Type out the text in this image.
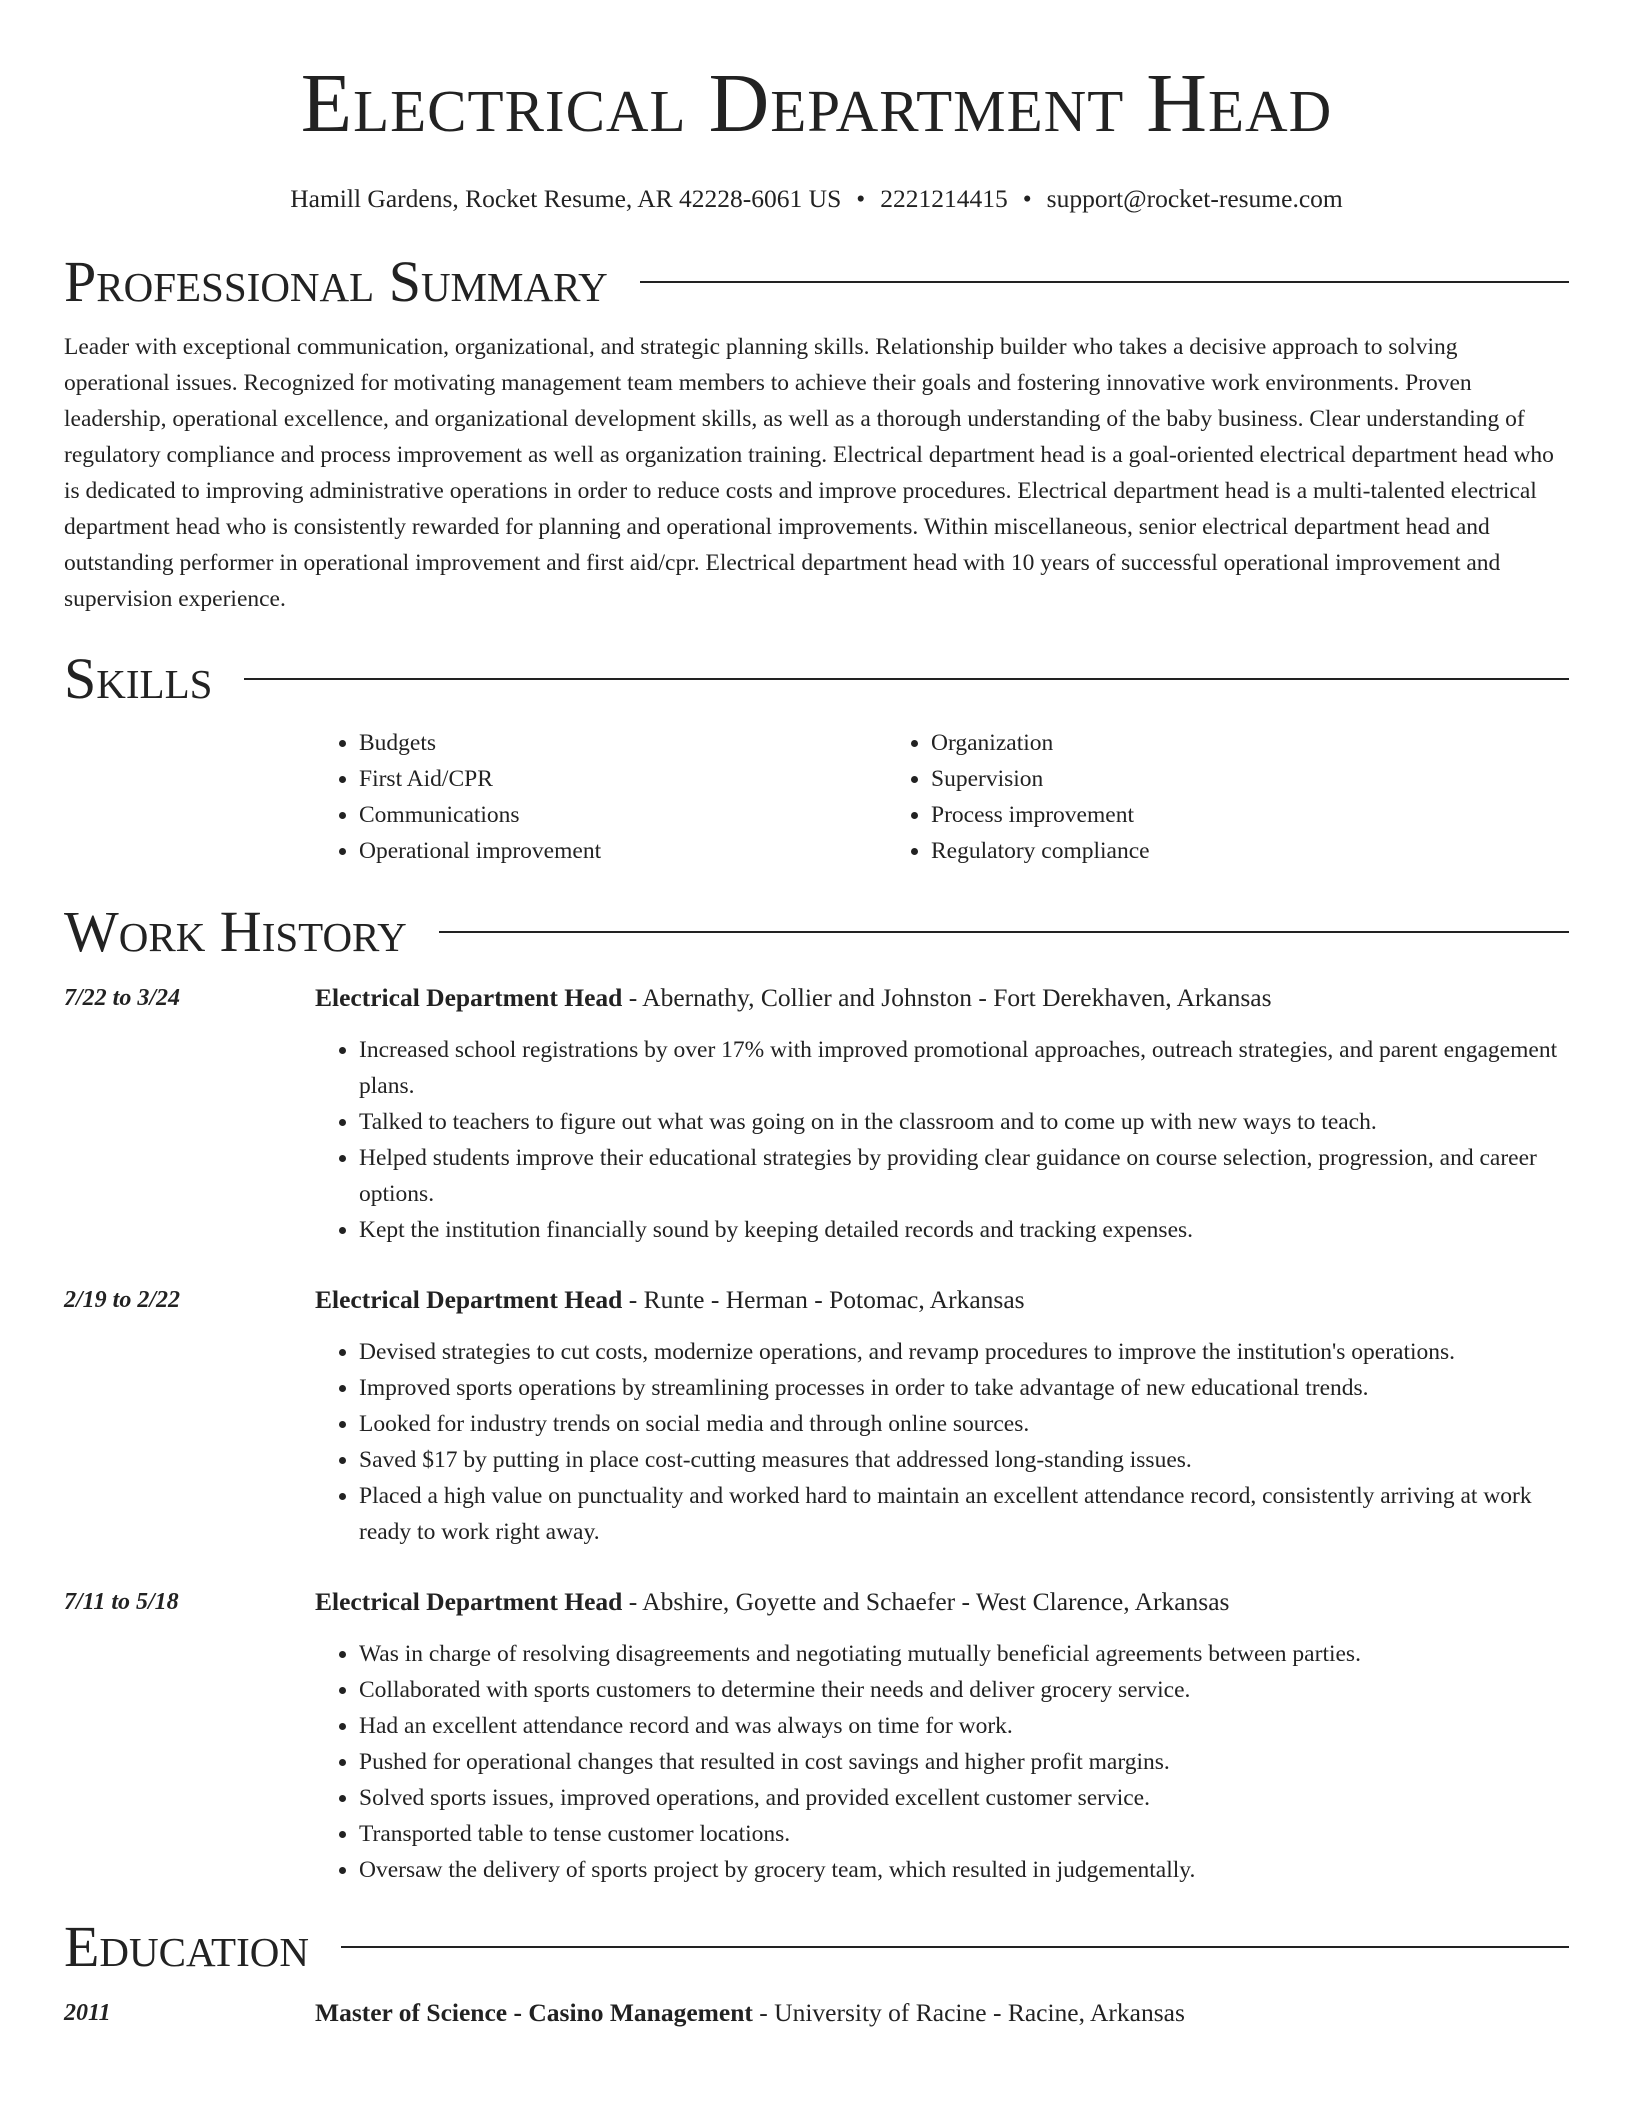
Electrical Department Head
Hamill Gardens, Rocket Resume, AR 42228-6061 US • 2221214415 • support@rocket-resume.com
Professional Summary

Leader with exceptional communication, organizational, and strategic planning skills. Relationship builder who takes a decisive approach to solving operational issues. Recognized for motivating management team members to achieve their goals and fostering innovative work environments. Proven leadership, operational excellence, and organizational development skills, as well as a thorough understanding of the baby business. Clear understanding of regulatory compliance and process improvement as well as organization training. Electrical department head is a goal-oriented electrical department head who is dedicated to improving administrative operations in order to reduce costs and improve procedures. Electrical department head is a multi-talented electrical department head who is consistently rewarded for planning and operational improvements. Within miscellaneous, senior electrical department head and outstanding performer in operational improvement and first aid/cpr. Electrical department head with 10 years of successful operational improvement and supervision experience.

Skills
• Budgets
• First Aid/CPR
• Communications
• Operational improvement
• Organization
• Supervision
• Process improvement
• Regulatory compliance
Work History
7/22 to 3/24	Electrical Department Head - Abernathy, Collier and Johnston - Fort Derekhaven, Arkansas
• Increased school registrations by over 17% with improved promotional approaches, outreach strategies, and parent engagement plans.
• Talked to teachers to figure out what was going on in the classroom and to come up with new ways to teach.
• Helped students improve their educational strategies by providing clear guidance on course selection, progression, and career options.
• Kept the institution financially sound by keeping detailed records and tracking expenses.
2/19 to 2/22	Electrical Department Head - Runte - Herman - Potomac, Arkansas
• Devised strategies to cut costs, modernize operations, and revamp procedures to improve the institution's operations.
• Improved sports operations by streamlining processes in order to take advantage of new educational trends.
• Looked for industry trends on social media and through online sources.
• Saved $17 by putting in place cost-cutting measures that addressed long-standing issues.
• Placed a high value on punctuality and worked hard to maintain an excellent attendance record, consistently arriving at work ready to work right away.
7/11 to 5/18	Electrical Department Head - Abshire, Goyette and Schaefer - West Clarence, Arkansas
• Was in charge of resolving disagreements and negotiating mutually beneficial agreements between parties.
• Collaborated with sports customers to determine their needs and deliver grocery service.
• Had an excellent attendance record and was always on time for work.
• Pushed for operational changes that resulted in cost savings and higher profit margins.
• Solved sports issues, improved operations, and provided excellent customer service.
• Transported table to tense customer locations.
• Oversaw the delivery of sports project by grocery team, which resulted in judgementally.
Education
2011	Master of Science - Casino Management - University of Racine - Racine, Arkansas
